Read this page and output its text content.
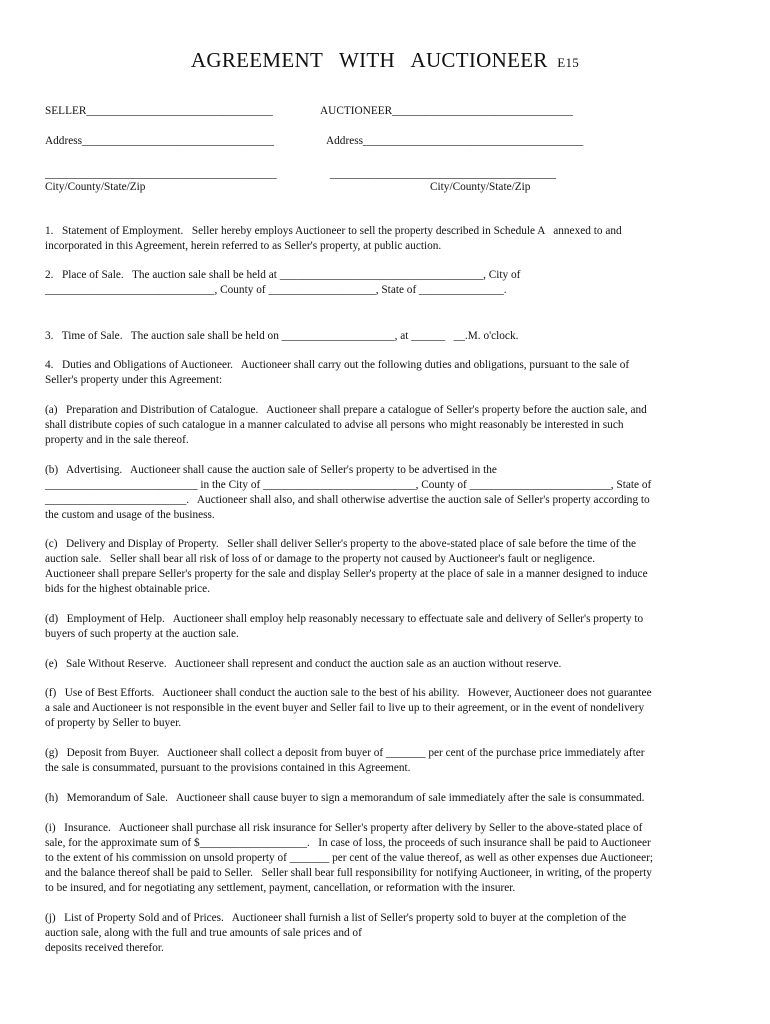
AGREEMENT   WITH   AUCTIONEER E15
SELLER_________________________________	AUCTIONEER________________________________
Address__________________________________	Address_______________________________________
_________________________________________	________________________________________
City/County/State/Zip	City/County/State/Zip

1.   Statement of Employment.   Seller hereby employs Auctioneer to sell the property described in Schedule A   annexed to and

incorporated in this Agreement, herein referred to as Seller's property, at public auction.

2.   Place of Sale.   The auction sale shall be held at ____________________________________, City of

______________________________, County of ___________________, State of _______________.

3.   Time of Sale.   The auction sale shall be held on ____________________, at ______   __.M. o'clock.

4.   Duties and Obligations of Auctioneer.   Auctioneer shall carry out the following duties and obligations, pursuant to the sale of

Seller's property under this Agreement:

(a)   Preparation and Distribution of Catalogue.   Auctioneer shall prepare a catalogue of Seller's property before the auction sale, and

shall distribute copies of such catalogue in a manner calculated to advise all persons who might reasonably be interested in such

property and in the sale thereof.

(b)   Advertising.   Auctioneer shall cause the auction sale of Seller's property to be advertised in the

___________________________ in the City of ___________________________, County of _________________________, State of

_________________________.   Auctioneer shall also, and shall otherwise advertise the auction sale of Seller's property according to

the custom and usage of the business.

(c)   Delivery and Display of Property.   Seller shall deliver Seller's property to the above-stated place of sale before the time of the

auction sale.   Seller shall bear all risk of loss of or damage to the property not caused by Auctioneer's fault or negligence.

Auctioneer shall prepare Seller's property for the sale and display Seller's property at the place of sale in a manner designed to induce

bids for the highest obtainable price.

(d)   Employment of Help.   Auctioneer shall employ help reasonably necessary to effectuate sale and delivery of Seller's property to

buyers of such property at the auction sale.

(e)   Sale Without Reserve.   Auctioneer shall represent and conduct the auction sale as an auction without reserve.

(f)   Use of Best Efforts.   Auctioneer shall conduct the auction sale to the best of his ability.   However, Auctioneer does not guarantee

a sale and Auctioneer is not responsible in the event buyer and Seller fail to live up to their agreement, or in the event of nondelivery

of property by Seller to buyer.

(g)   Deposit from Buyer.   Auctioneer shall collect a deposit from buyer of _______ per cent of the purchase price immediately after

the sale is consummated, pursuant to the provisions contained in this Agreement.

(h)   Memorandum of Sale.   Auctioneer shall cause buyer to sign a memorandum of sale immediately after the sale is consummated.

(i)   Insurance.   Auctioneer shall purchase all risk insurance for Seller's property after delivery by Seller to the above-stated place of

sale, for the approximate sum of $___________________.   In case of loss, the proceeds of such insurance shall be paid to Auctioneer

to the extent of his commission on unsold property of _______ per cent of the value thereof, as well as other expenses due Auctioneer;

and the balance thereof shall be paid to Seller.   Seller shall bear full responsibility for notifying Auctioneer, in writing, of the property

to be insured, and for negotiating any settlement, payment, cancellation, or reformation with the insurer.

(j)   List of Property Sold and of Prices.   Auctioneer shall furnish a list of Seller's property sold to buyer at the completion of the

auction sale, along with the full and true amounts of sale prices and of

deposits received therefor.
